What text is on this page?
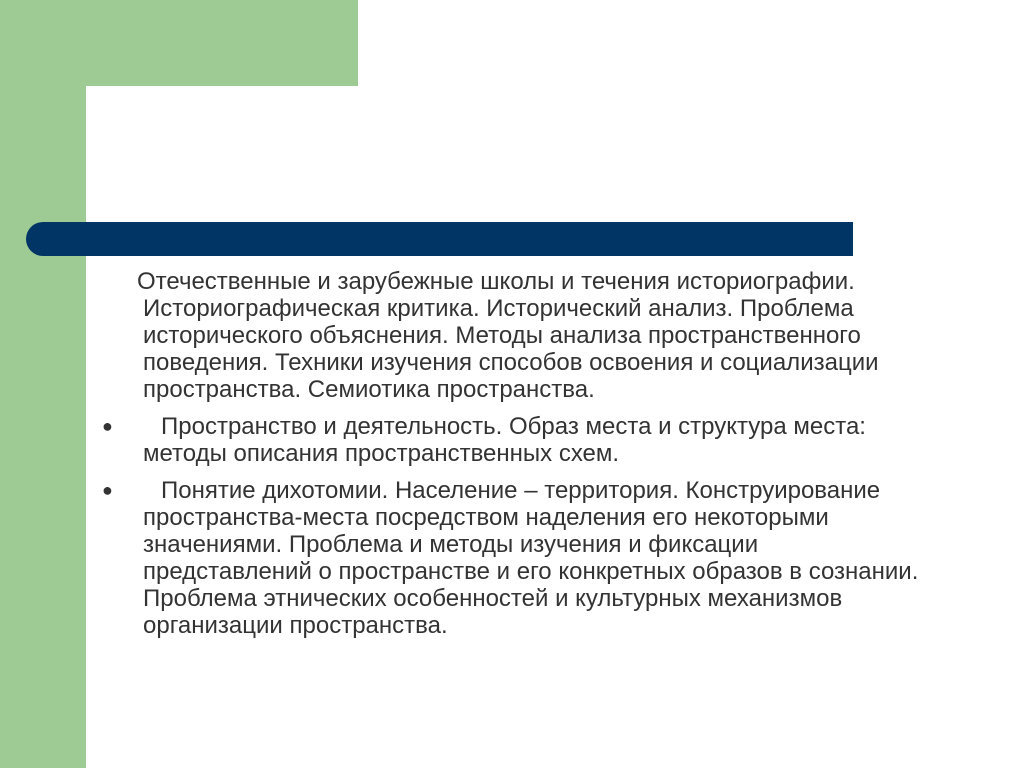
Отечественные и зарубежные школы и течения историографии. Историографическая критика. Исторический анализ. Проблема исторического объяснения. Методы анализа пространственного поведения. Техники изучения способов освоения и социализации пространства. Семиотика пространства.

● Пространство и деятельность. Образ места и структура места: методы описания пространственных схем.

● Понятие дихотомии. Население – территория. Конструирование пространства-места посредством наделения его некоторыми значениями. Проблема и методы изучения и фиксации представлений о пространстве и его конкретных образов в сознании. Проблема этнических особенностей и культурных механизмов организации пространства.
